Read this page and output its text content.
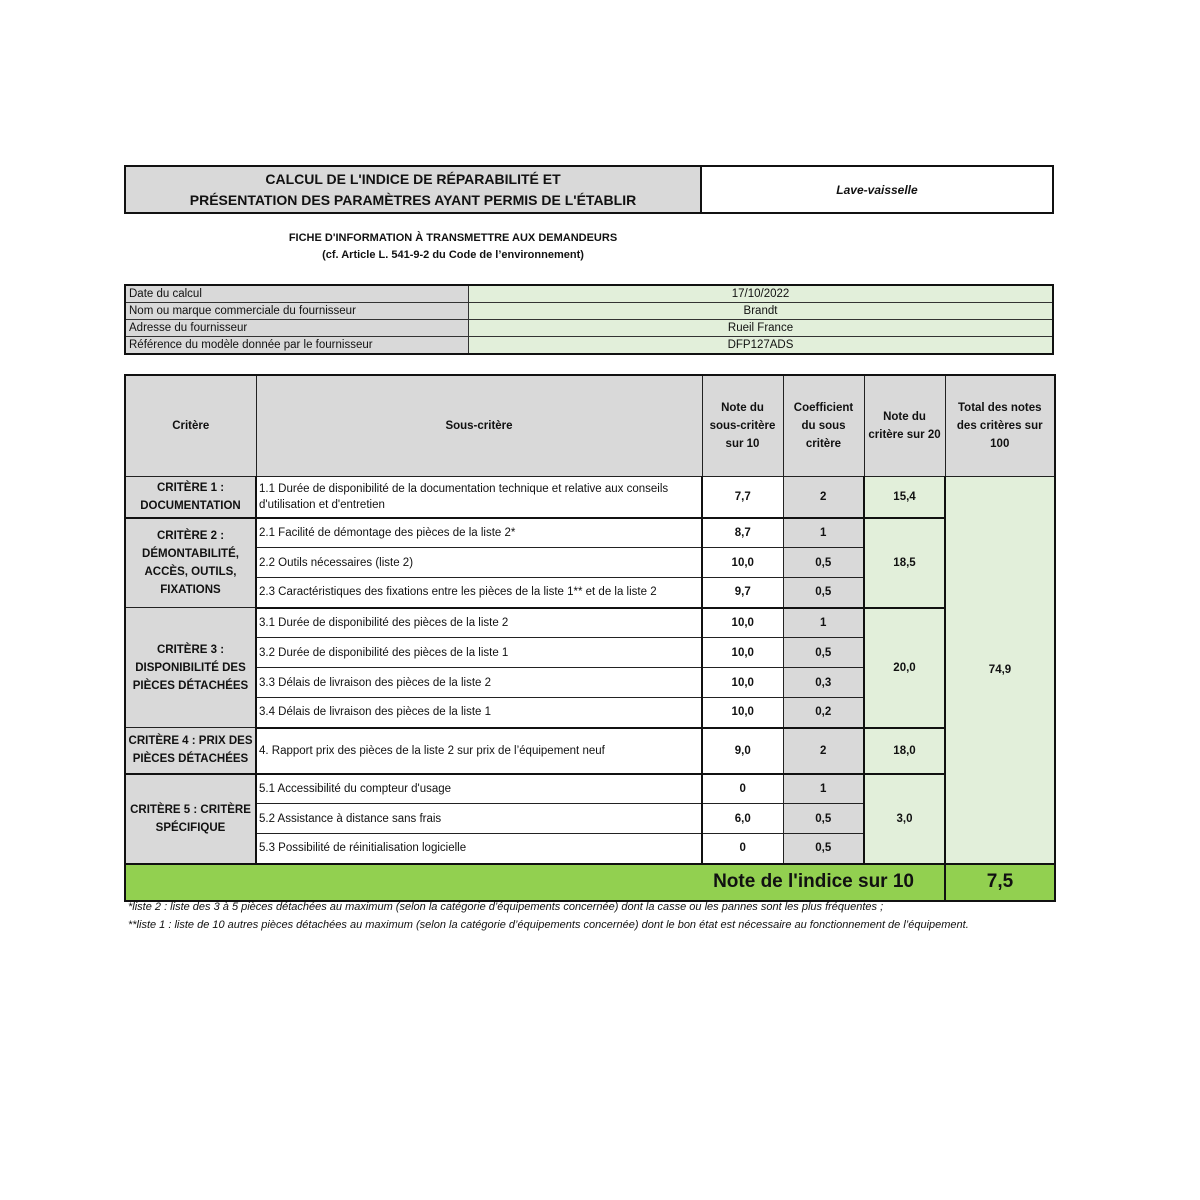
CALCUL DE L'INDICE DE RÉPARABILITÉ ET
PRÉSENTATION DES PARAMÈTRES AYANT PERMIS DE L'ÉTABLIR
Lave-vaisselle
FICHE D'INFORMATION À TRANSMETTRE AUX DEMANDEURS
(cf. Article L. 541-9-2 du Code de l’environnement)
Date du calcul	17/10/2022
Nom ou marque commerciale du fournisseur	Brandt
Adresse du fournisseur	Rueil France
Référence du modèle donnée par le fournisseur	DFP127ADS
Critère	Sous-critère	Note du sous-critère sur 10	Coefficient du sous critère	Note du critère sur 20	Total des notes des critères sur 100
CRITÈRE 1 : DOCUMENTATION	1.1 Durée de disponibilité de la documentation technique et relative aux conseils d'utilisation et d'entretien	7,7	2	15,4	74,9
CRITÈRE 2 : DÉMONTABILITÉ, ACCÈS, OUTILS, FIXATIONS	2.1 Facilité de démontage des pièces de la liste 2*	8,7	1	18,5	
	2.2 Outils nécessaires (liste 2)	10,0	0,5		
	2.3 Caractéristiques des fixations entre les pièces de la liste 1** et de la liste 2	9,7	0,5		
CRITÈRE 3 : DISPONIBILITÉ DES PIÈCES DÉTACHÉES	3.1 Durée de disponibilité des pièces de la liste 2	10,0	1	20,0	
	3.2 Durée de disponibilité des pièces de la liste 1	10,0	0,5		
	3.3 Délais de livraison des pièces de la liste 2	10,0	0,3		
	3.4 Délais de livraison des pièces de la liste 1	10,0	0,2		
CRITÈRE 4 : PRIX DES PIÈCES DÉTACHÉES	4. Rapport prix des pièces de la liste 2 sur prix de l’équipement neuf	9,0	2	18,0	
CRITÈRE 5 : CRITÈRE SPÉCIFIQUE	5.1 Accessibilité du compteur d'usage	0	1	3,0	
	5.2 Assistance à distance sans frais	6,0	0,5		
	5.3 Possibilité de réinitialisation logicielle	0	0,5		
Note de l'indice sur 10					7,5
*liste 2 : liste des 3 à 5 pièces détachées au maximum (selon la catégorie d’équipements concernée) dont la casse ou les pannes sont les plus fréquentes ;
**liste 1 : liste de 10 autres pièces détachées au maximum (selon la catégorie d’équipements concernée) dont le bon état est nécessaire au fonctionnement de l’équipement.
